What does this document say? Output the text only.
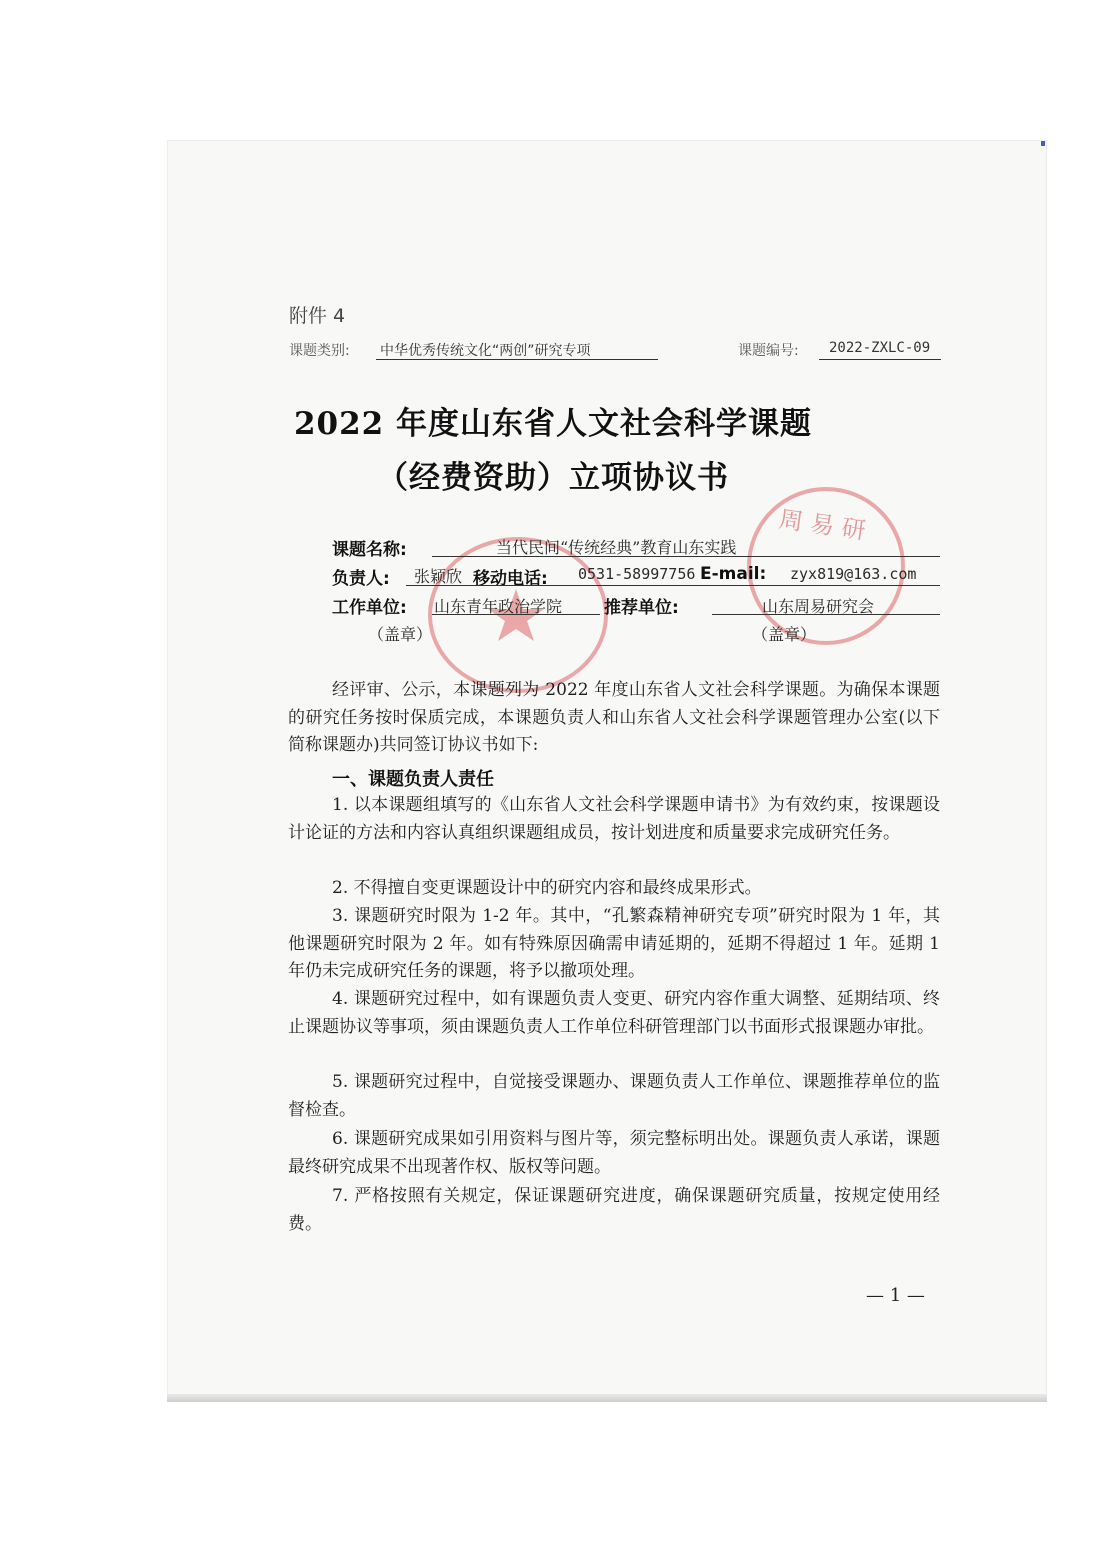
周 易 研
附件 4
课题类别: 中华优秀传统文化“两创”研究专项	课题编号: 2022-ZXLC-09
2022 年度山东省人文社会科学课题
（经费资助）立项协议书
课题名称:	当代民间“传统经典”教育山东实践
负责人: 张颖欣 移动电话: 0531-58997756 E-mail: zyx819@163.com
工作单位: 山东青年政治学院 推荐单位:	山东周易研究会
（盖章）	（盖章）
经评审、公示，本课题列为 2022 年度山东省人文社会科学课题。为确保本课题的研究任务按时保质完成，本课题负责人和山东省人文社会科学课题管理办公室(以下简称课题办)共同签订协议书如下:
一、课题负责人责任
1. 以本课题组填写的《山东省人文社会科学课题申请书》为有效约束，按课题设计论证的方法和内容认真组织课题组成员，按计划进度和质量要求完成研究任务。
2. 不得擅自变更课题设计中的研究内容和最终成果形式。
3. 课题研究时限为 1-2 年。其中，“孔繁森精神研究专项”研究时限为 1 年，其他课题研究时限为 2 年。如有特殊原因确需申请延期的，延期不得超过 1 年。延期 1 年仍未完成研究任务的课题，将予以撤项处理。
4. 课题研究过程中，如有课题负责人变更、研究内容作重大调整、延期结项、终止课题协议等事项，须由课题负责人工作单位科研管理部门以书面形式报课题办审批。
5. 课题研究过程中，自觉接受课题办、课题负责人工作单位、课题推荐单位的监督检查。
6. 课题研究成果如引用资料与图片等，须完整标明出处。课题负责人承诺，课题最终研究成果不出现著作权、版权等问题。
7. 严格按照有关规定，保证课题研究进度，确保课题研究质量，按规定使用经费。
— 1 —
